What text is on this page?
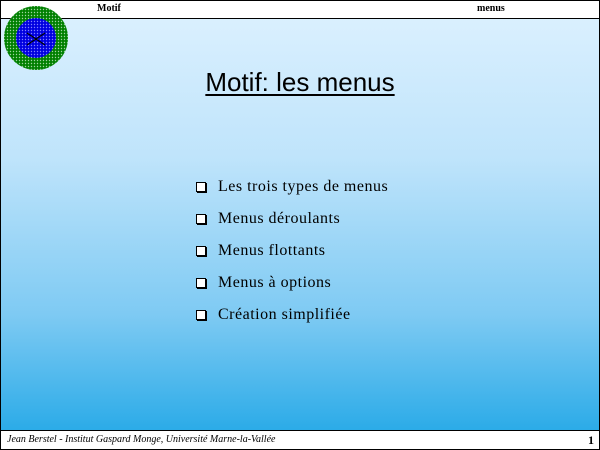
Motif	menus
Motif: les menus
Les trois types de menus
Menus déroulants
Menus flottants
Menus à options
Création simplifiée
Jean Berstel - Institut Gaspard Monge, Université Marne-la-Vallée	1
